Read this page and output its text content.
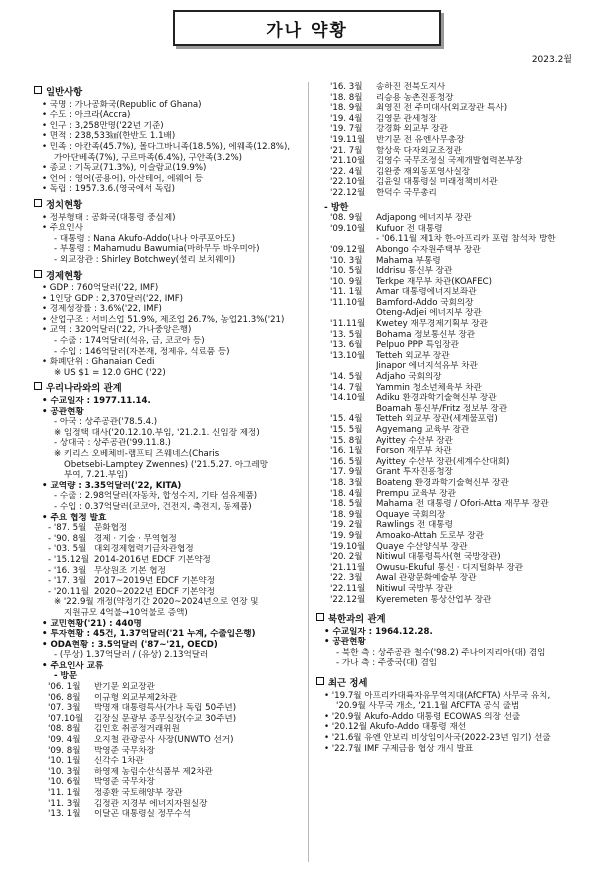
가나 약황
2023.2월
일반사항
• 국명 : 가나공화국(Republic of Ghana)
• 수도 : 아크라(Accra)
• 인구 : 3,258만명('22년 기준)
• 면적 : 238,533㎢(한반도 1.1배)
• 민족 : 아칸족(45.7%), 몰다그바니족(18.5%), 에웨족(12.8%),
가아단베족(7%), 구르마족(6.4%), 구안족(3.2%)
• 종교 : 기독교(71.3%), 이슬람교(19.9%)
• 언어 : 영어(공용어), 아산테어, 에웨어 등
• 독립 : 1957.3.6.(영국에서 독립)
정치현황
• 정부형태 : 공화국(대통령 중심제)
• 주요인사
- 대통령 : Nana Akufo-Addo(나나 아쿠포아도)
- 부통령 : Mahamudu Bawumia(마하무두 바우미아)
- 외교장관 : Shirley Botchwey(셜리 보치웨이)
경제현황
• GDP : 760억달러('22, IMF)
• 1인당 GDP : 2,370달러('22, IMF)
• 경제성장률 : 3.6%('22, IMF)
• 산업구조 : 서비스업 51.9%, 제조업 26.7%, 농업21.3%('21)
• 교역 : 320억달러('22, 가나중앙은행)
- 수출 : 174억달러(석유, 금, 코코아 등)
- 수입 : 146억달러(자본재, 정제유, 식료품 등)
• 화폐단위 : Ghanaian Cedi
※ US $1 = 12.0 GHC ('22)
우리나라와의 관계
• 수교일자 : 1977.11.14.
• 공관현황
- 아국 : 상주공관('78.5.4.)
※ 임정택 대사('20.12.10.부임, '21.2.1. 신임장 제정)
- 상대국 : 상주공관('99.11.8.)
※ 키리스 오베체비-램프티 즈웨네스(Charis
Obetsebi-Lamptey Zwennes) ('21.5.27. 아그레망
부여, 7.21.부임)
• 교역량 : 3.35억달러('22, KITA)
- 수출 : 2.98억달러(자동차, 합성수지, 기타 섬유제품)
- 수입 : 0.37억달러(코코아, 건전지, 축전지, 동제품)
• 주요 협정 발효
- '87. 5월 문화협정
- '90. 8월 경제 · 기술 · 무역협정
- '03. 5월 대외경제협력기금차관협정
- '15.12월 2014-2016년 EDCF 기본약정
- '16. 3월 무상원조 기본 협정
- '17. 3월 2017~2019년 EDCF 기본약정
- '20.11월 2020~2022년 EDCF 기본약정
※ '22.9월 개정(약정기간 2020~2024년으로 연장 및
지원규모 4억불→10억불로 증액)
• 교민현황('21) : 440명
• 투자현황 : 45건, 1.37억달러('21 누계, 수출입은행)
• ODA현황 : 3.5억달러 ('87~'21, OECD)
- (무상) 1.37억달러 / (유상) 2.13억달러
• 주요인사 교류
- 방문
'06. 1월	반기문 외교장관
'06. 8월	이규형 외교부제2차관
'07. 3월	박명재 대통령특사(가나 독립 50주년)
'07.10월	김장실 문광부 종무실장(수교 30주년)
'08. 8월	김인호 취공정거래위원
'09. 4월	오지철 관광공사 사장(UNWTO 선거)
'09. 8월	박영준 국무차장
'10. 1월	신각수 1차관
'10. 3월	하영제 농림수산식품부 제2차관
'10. 6월	박영준 국무차장
'11. 1월	정종환 국토해양부 장관
'11. 3월	김정관 지경부 에너지자원실장
'13. 1월	이달곤 대통령실 정무수석
'16. 3월	송하진 전북도지사
'18. 8월	리승용 농촌진흥청장
'18. 9월	최영진 전 주미대사(외교장관 특사)
'19. 4월	김영문 관세청장
'19. 7월	강경화 외교부 장관
'19.11월	반기문 전 유엔사무총장
'21. 7월	함상욱 다자외교조정관
'21.10월	김영수 국무조정실 국제개발협력본부장
'22. 4월	김완중 재외동포영사실장
'22.10월	김윤일 대통령실 미래정책비서관
'22.12월	한덕수 국무총리
- 방한
'08. 9월	Adjapong 에너지부 장관
'09.10월	Kufuor 전 대통령
- '06.11월 제1차 한-아프리카 포럼 참석차 방한
'09.12월	Abongo 수자원주택부 장관
'10. 3월	Mahama 부통령
'10. 5월	Iddrisu 통신부 장관
'10. 9월	Terkpe 재무부 차관(KOAFEC)
'11. 1월	Amar 대통령에너지보좌관
'11.10월	Bamford-Addo 국회의장
Oteng-Adjei 에너지부 장관
'11.11월	Kwetey 재무경제기획부 장관
'13. 5월	Bohama 정보통신부 장관
'13. 6월	Pelpuo PPP 특임장관
'13.10월	Tetteh 외교부 장관
Jinapor 에너지석유부 차관
'14. 5월	Adjaho 국회의장
'14. 7월	Yammin 청소년체육부 차관
'14.10월	Adiku 환경과학기술혁신부 장관
Boamah 통신부/Fritz 정보부 장관
'15. 4월	Tetteh 외교부 장관(세계물포럼)
'15. 5월	Agyemang 교육부 장관
'15. 8월	Ayittey 수산부 장관
'16. 1월	Forson 재무부 차관
'16. 5월	Ayittey 수산부 장관(세계수산대회)
'17. 9월	Grant 투자진흥청장
'18. 3월	Boateng 환경과학기술혁신부 장관
'18. 4월	Prempu 교육부 장관
'18. 5월	Mahama 전 대통령 / Ofori-Atta 재무부 장관
'18. 9월	Oquaye 국회의장
'19. 2월	Rawlings 전 대통령
'19. 9월	Amoako-Attah 도로부 장관
'19.10월	Quaye 수산양식부 장관
'20. 2월	Nitiwul 대통령특사(현 국방장관)
'21.11월	Owusu-Ekuful 통신 · 디지털화부 장관
'22. 3월	Awal 관광문화예술부 장관
'22.11월	Nitiwul 국방부 장관
'22.12월	Kyeremeten 통상산업부 장관
북한과의 관계
• 수교일자 : 1964.12.28.
• 공관현황
- 북한 측 : 상주공관 철수('98.2) 주나이지리아(대) 겸임
- 가나 측 : 주중국(대) 겸임
최근 정세
• '19.7월 아프리카대륙자유무역지대(AfCFTA) 사무국 유치,
'20.9월 사무국 개소, '21.1월 AfCFTA 공식 출범
• '20.9월 Akufo-Addo 대통령 ECOWAS 의장 선출
• '20.12월 Akufo-Addo 대통령 재선
• '21.6월 유엔 안보리 비상임이사국(2022-23년 임기) 선출
• '22.7월 IMF 구제금융 협상 개시 발표
